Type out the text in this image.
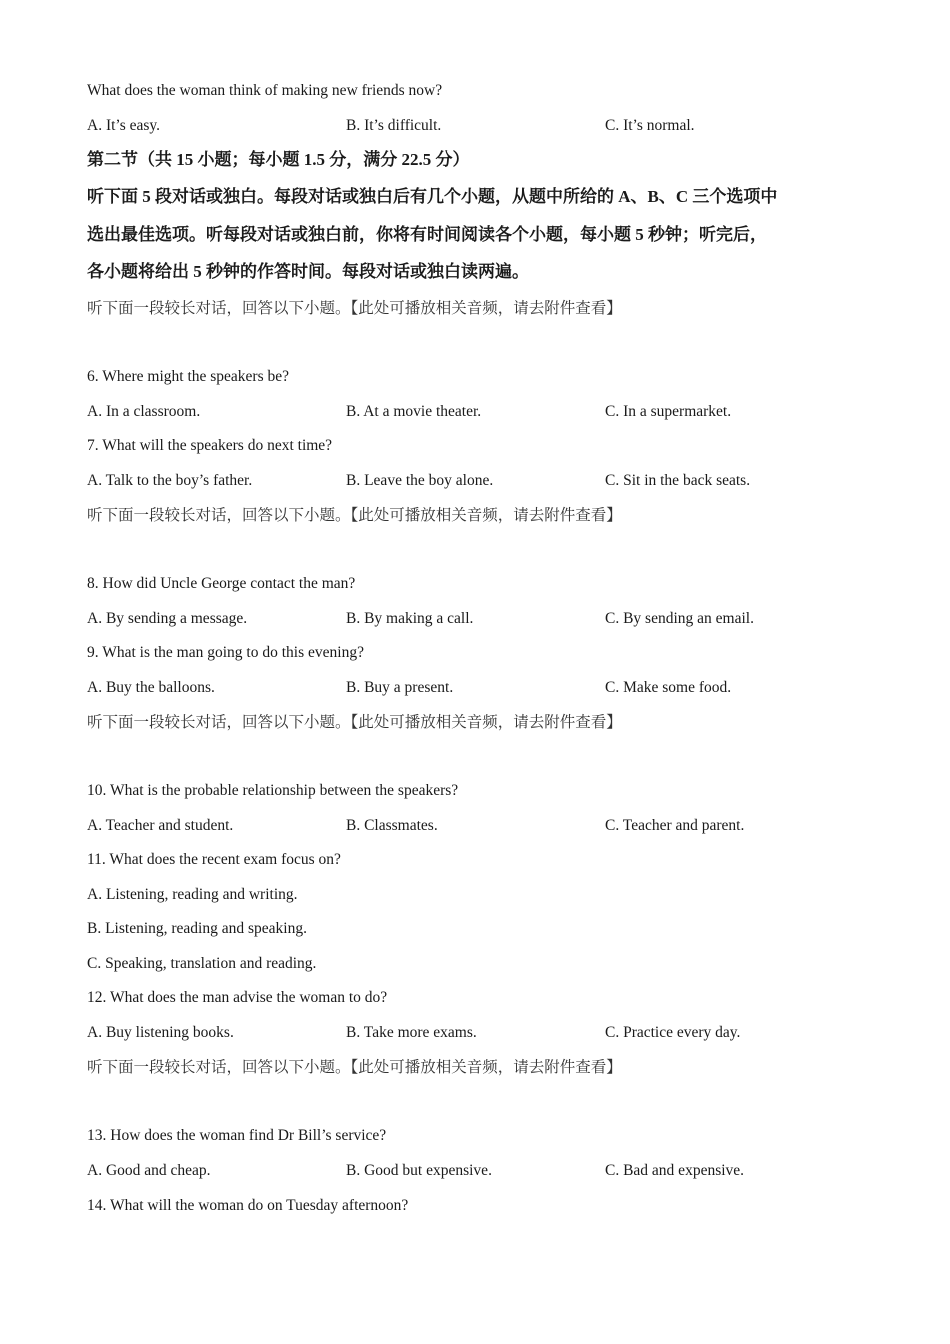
What does the woman think of making new friends now?
A. It’s easy.	B. It’s difficult.	C. It’s normal.
第二节（共 15 小题；每小题 1.5 分，满分 22.5 分）
听下面 5 段对话或独白。每段对话或独白后有几个小题，从题中所给的 A、B、C 三个选项中
选出最佳选项。听每段对话或独白前，你将有时间阅读各个小题，每小题 5 秒钟；听完后，
各小题将给出 5 秒钟的作答时间。每段对话或独白读两遍。
听下面一段较长对话，回答以下小题。【此处可播放相关音频，请去附件查看】
6. Where might the speakers be?
A. In a classroom.	B. At a movie theater.	C. In a supermarket.
7. What will the speakers do next time?
A. Talk to the boy’s father.	B. Leave the boy alone.	C. Sit in the back seats.
听下面一段较长对话，回答以下小题。【此处可播放相关音频，请去附件查看】
8. How did Uncle George contact the man?
A. By sending a message.	B. By making a call.	C. By sending an email.
9. What is the man going to do this evening?
A. Buy the balloons.	B. Buy a present.	C. Make some food.
听下面一段较长对话，回答以下小题。【此处可播放相关音频，请去附件查看】
10. What is the probable relationship between the speakers?
A. Teacher and student.	B. Classmates.	C. Teacher and parent.
11. What does the recent exam focus on?
A. Listening, reading and writing.
B. Listening, reading and speaking.
C. Speaking, translation and reading.
12. What does the man advise the woman to do?
A. Buy listening books.	B. Take more exams.	C. Practice every day.
听下面一段较长对话，回答以下小题。【此处可播放相关音频，请去附件查看】
13. How does the woman find Dr Bill’s service?
A. Good and cheap.	B. Good but expensive.	C. Bad and expensive.
14. What will the woman do on Tuesday afternoon?
